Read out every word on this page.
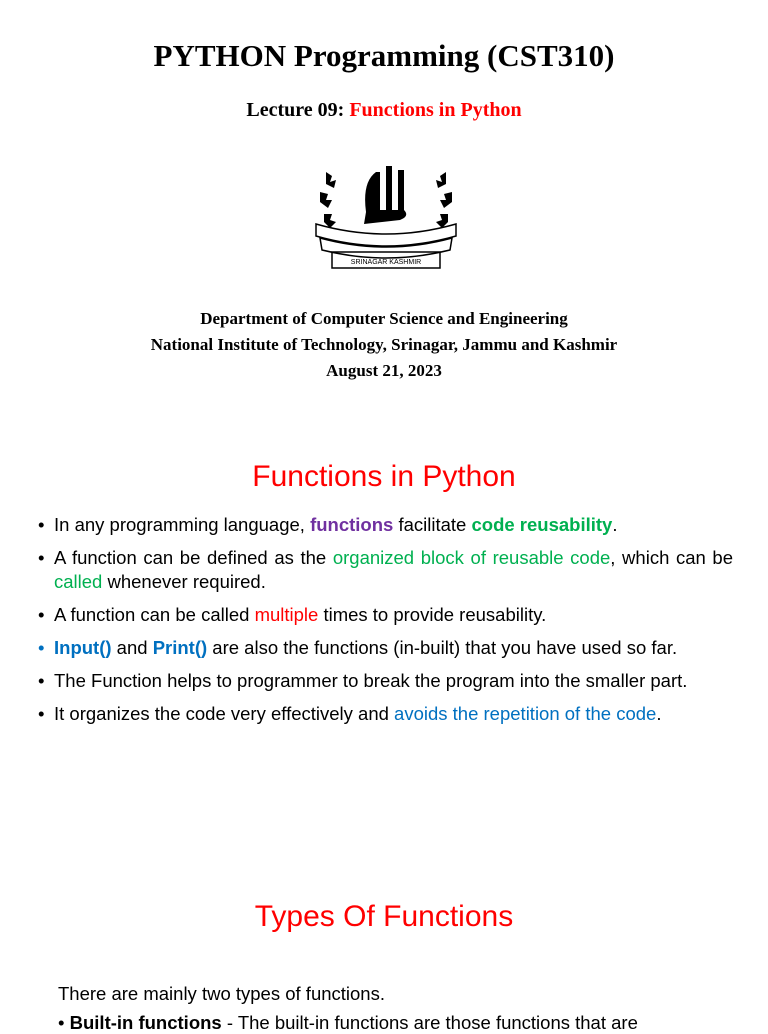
PYTHON Programming (CST310)
Lecture 09: Functions in Python
SRINAGAR KASHMIR
Department of Computer Science and Engineering
National Institute of Technology, Srinagar, Jammu and Kashmir
August 21, 2023
Functions in Python
• In any programming language, functions facilitate code reusability.
• A function can be defined as the organized block of reusable code, which can be called whenever required.
• A function can be called multiple times to provide reusability.
• Input() and Print() are also the functions (in-built) that you have used so far.
• The Function helps to programmer to break the program into the smaller part.
• It organizes the code very effectively and avoids the repetition of the code.
Types Of Functions
There are mainly two types of functions.
• Built-in functions - The built-in functions are those functions that are
